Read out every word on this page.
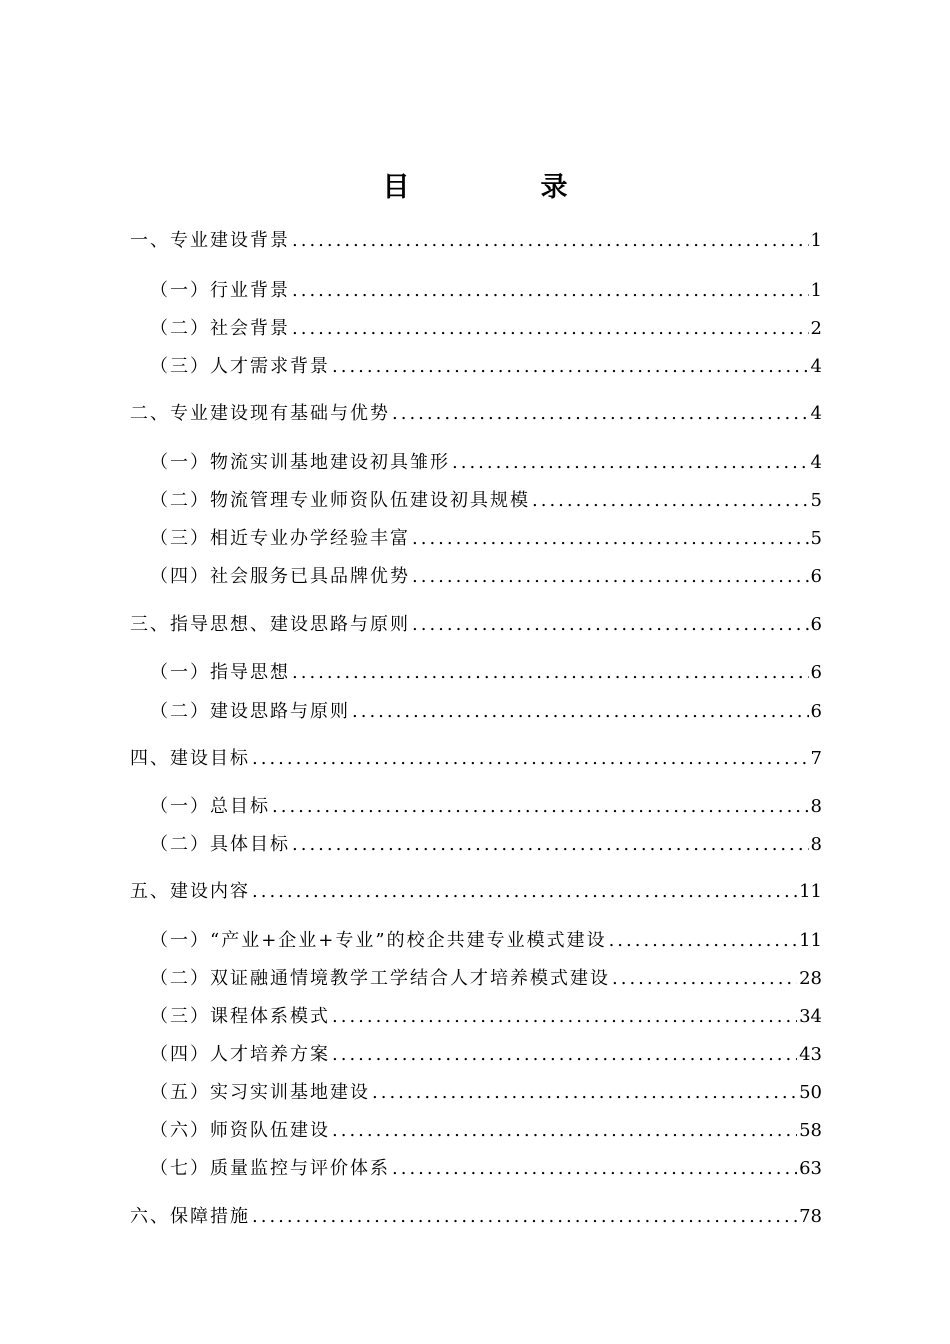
目　录
一、专业建设背景 .....	1
（一）行业背景 .....	1
（二）社会背景 .....	2
（三）人才需求背景 .....	4
二、专业建设现有基础与优势 .....	4
（一）物流实训基地建设初具雏形 .....	4
（二）物流管理专业师资队伍建设初具规模 .....	5
（三）相近专业办学经验丰富 .....	5
（四）社会服务已具品牌优势 .....	6
三、指导思想、建设思路与原则 .....	6
（一）指导思想 .....	6
（二）建设思路与原则 .....	6
四、建设目标 .....	7
（一）总目标 .....	8
（二）具体目标 .....	8
五、建设内容 .....	11
（一）“产业+企业+专业”的校企共建专业模式建设 .....	11
（二）双证融通情境教学工学结合人才培养模式建设 .....	28
（三）课程体系模式 .....	34
（四）人才培养方案 .....	43
（五）实习实训基地建设 .....	50
（六）师资队伍建设 .....	58
（七）质量监控与评价体系 .....	63
六、保障措施 .....	78
